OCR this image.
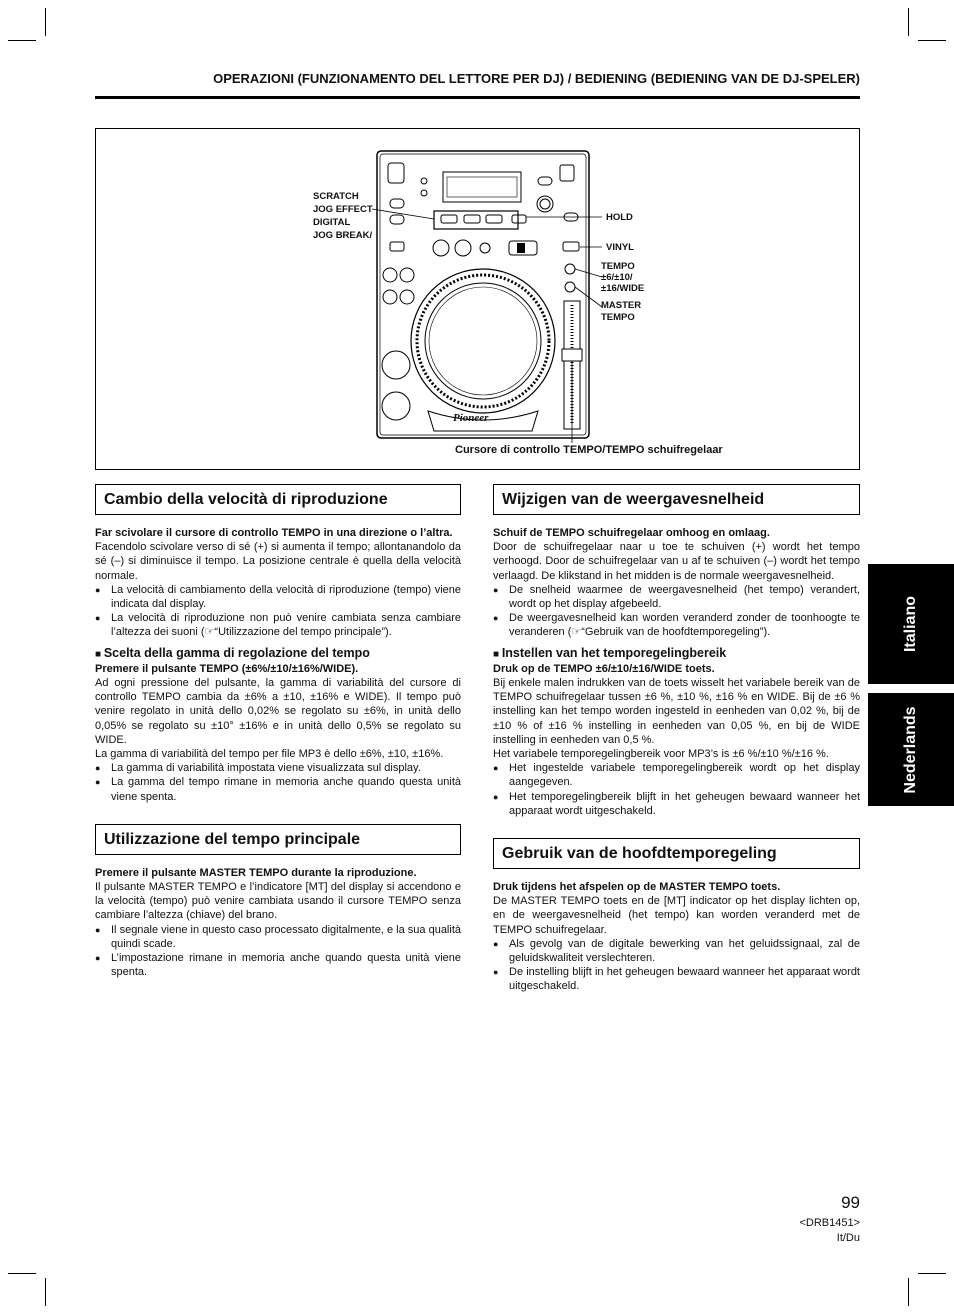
OPERAZIONI (FUNZIONAMENTO DEL LETTORE PER DJ) / BEDIENING (BEDIENING VAN DE DJ-SPELER)
SCRATCH
JOG EFFECT
DIGITAL
JOG BREAK/
HOLD
VINYL
TEMPO
±6/±10/
±16/WIDE
MASTER
TEMPO
Cursore di controllo TEMPO/TEMPO schuifregelaar
Pioneer
Cambio della velocità di riproduzione

Far scivolare il cursore di controllo TEMPO in una direzione o l’altra.

Facendolo scivolare verso di sé (+) si aumenta il tempo; allontanandolo da sé (–) si diminuisce il tempo. La posizione centrale è quella della velocità normale.

● La velocità di cambiamento della velocità di riproduzione (tempo) viene indicata dal display.
● La velocità di riproduzione non può venire cambiata senza cambiare l’altezza dei suoni (☞“Utilizzazione del tempo principale”).
■ Scelta della gamma di regolazione del tempo

Premere il pulsante TEMPO (±6%/±10/±16%/WIDE).

Ad ogni pressione del pulsante, la gamma di variabilità del cursore di controllo TEMPO cambia da ±6% a ±10, ±16% e WIDE). Il tempo può venire regolato in unità dello 0,02% se regolato su ±6%, in unità dello 0,05% se regolato su ±10° ±16% e in unità dello 0,5% se regolato su WIDE.

La gamma di variabilità del tempo per file MP3 è dello ±6%, ±10, ±16%.

● La gamma di variabilità impostata viene visualizzata sul display.
● La gamma del tempo rimane in memoria anche quando questa unità viene spenta.
Utilizzazione del tempo principale

Premere il pulsante MASTER TEMPO durante la riproduzione.

Il pulsante MASTER TEMPO e l’indicatore [MT] del display si accendono e la velocità (tempo) può venire cambiata usando il cursore TEMPO senza cambiare l’altezza (chiave) del brano.

● Il segnale viene in questo caso processato digitalmente, e la sua qualità quindi scade.
● L’impostazione rimane in memoria anche quando questa unità viene spenta.
Wijzigen van de weergavesnelheid

Schuif de TEMPO schuifregelaar omhoog en omlaag.

Door de schuifregelaar naar u toe te schuiven (+) wordt het tempo verhoogd. Door de schuifregelaar van u af te schuiven (–) wordt het tempo verlaagd. De klikstand in het midden is de normale weergavesnelheid.

● De snelheid waarmee de weergavesnelheid (het tempo) verandert, wordt op het display afgebeeld.
● De weergavesnelheid kan worden veranderd zonder de toonhoogte te veranderen (☞“Gebruik van de hoofdtemporegeling”).
■ Instellen van het temporegelingbereik

Druk op de TEMPO ±6/±10/±16/WIDE toets.

Bij enkele malen indrukken van de toets wisselt het variabele bereik van de TEMPO schuifregelaar tussen ±6 %, ±10 %, ±16 % en WIDE. Bij de ±6 % instelling kan het tempo worden ingesteld in eenheden van 0,02 %, bij de ±10 % of ±16 % instelling in eenheden van 0,05 %, en bij de WIDE instelling in eenheden van 0,5 %.

Het variabele temporegelingbereik voor MP3’s is ±6 %/±10 %/±16 %.

● Het ingestelde variabele temporegelingbereik wordt op het display aangegeven.
● Het temporegelingbereik blijft in het geheugen bewaard wanneer het apparaat wordt uitgeschakeld.
Gebruik van de hoofdtemporegeling

Druk tijdens het afspelen op de MASTER TEMPO toets.

De MASTER TEMPO toets en de [MT] indicator op het display lichten op, en de weergavesnelheid (het tempo) kan worden veranderd met de TEMPO schuifregelaar.

● Als gevolg van de digitale bewerking van het geluidssignaal, zal de geluidskwaliteit verslechteren.
● De instelling blijft in het geheugen bewaard wanneer het apparaat wordt uitgeschakeld.
Italiano
Nederlands
99
<DRB1451>
It/Du
